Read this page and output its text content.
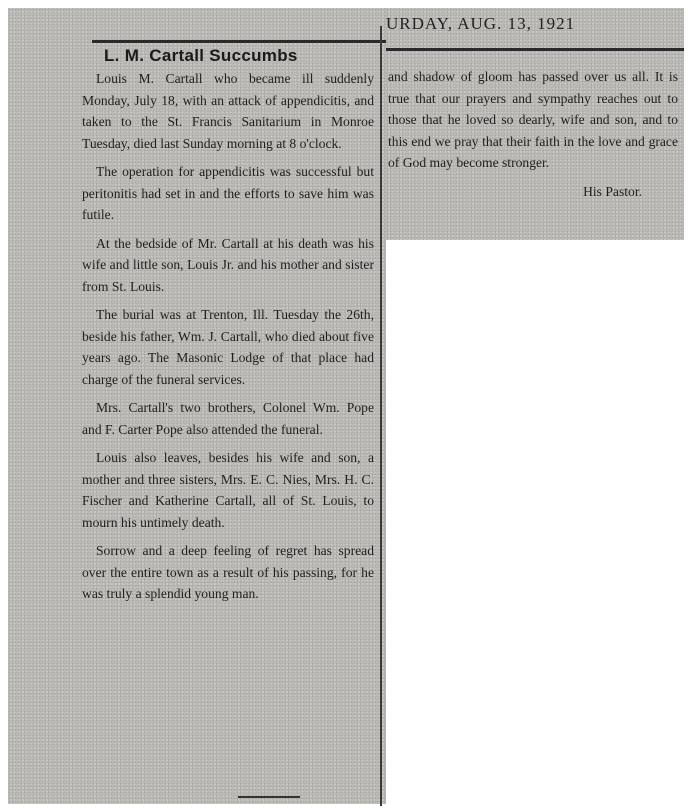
L. M. Cartall Succumbs

Louis M. Cartall who became ill suddenly Monday, July 18, with an attack of appendicitis, and taken to the St. Francis Sanitarium in Monroe Tuesday, died last Sunday morning at 8 o'clock.

The operation for appendicitis was successful but peritonitis had set in and the efforts to save him was futile.

At the bedside of Mr. Cartall at his death was his wife and little son, Louis Jr. and his mother and sister from St. Louis.

The burial was at Trenton, Ill. Tuesday the 26th, beside his father, Wm. J. Cartall, who died about five years ago. The Masonic Lodge of that place had charge of the funeral services.

Mrs. Cartall's two brothers, Colonel Wm. Pope and F. Carter Pope also attended the funeral.

Louis also leaves, besides his wife and son, a mother and three sisters, Mrs. E. C. Nies, Mrs. H. C. Fischer and Katherine Cartall, all of St. Louis, to mourn his untimely death.

Sorrow and a deep feeling of regret has spread over the entire town as a result of his passing, for he was truly a splendid young man.

URDAY, AUG. 13, 1921

and shadow of gloom has passed over us all. It is true that our prayers and sympathy reaches out to those that he loved so dearly, wife and son, and to this end we pray that their faith in the love and grace of God may become stronger.

His Pastor.
